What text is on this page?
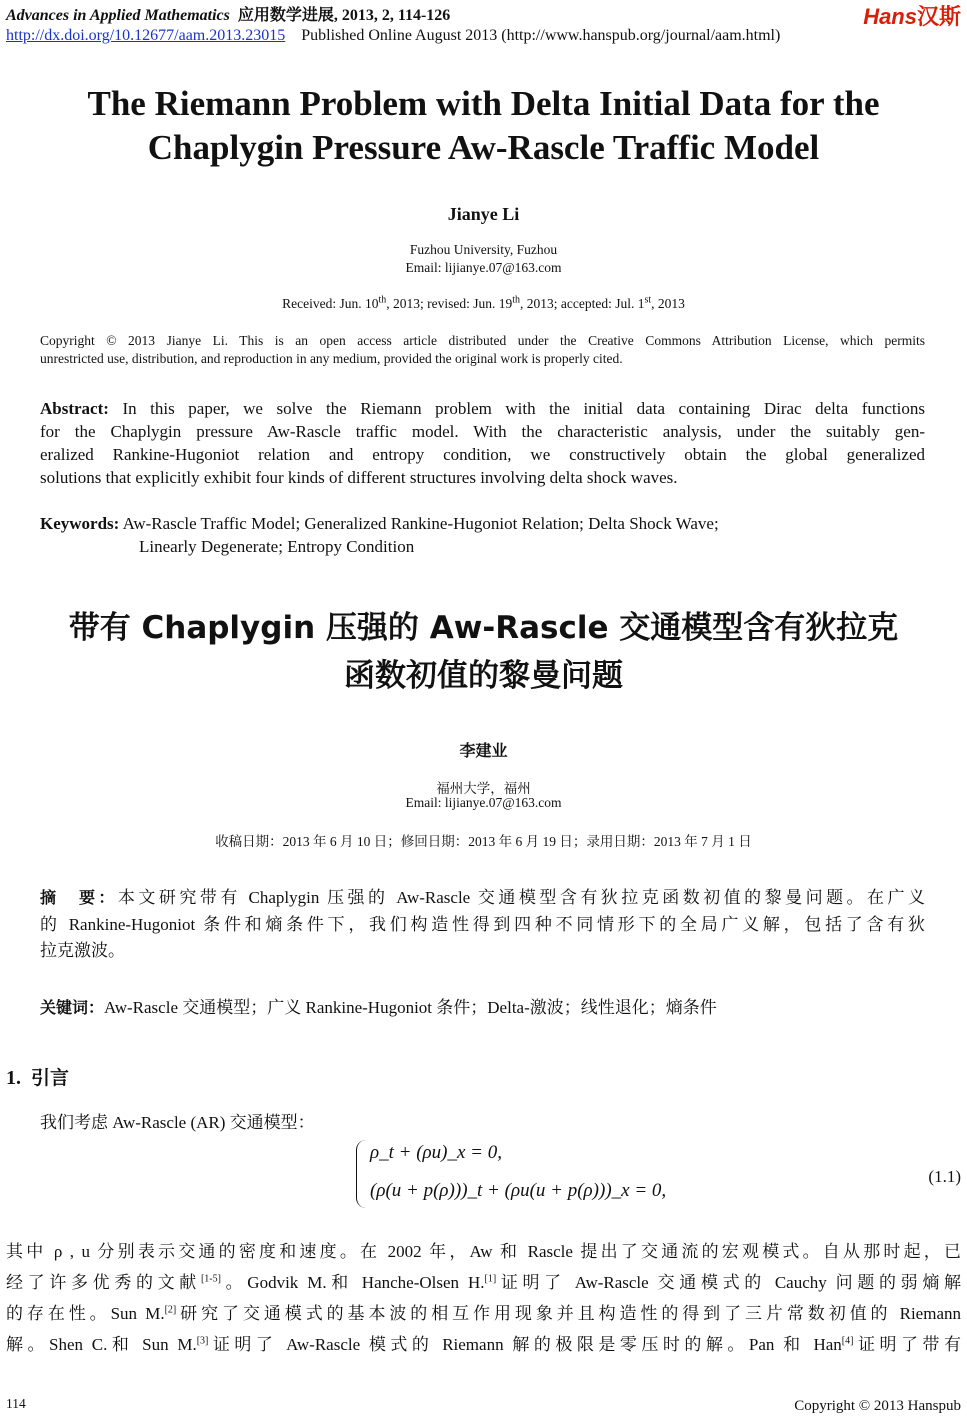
Advances in Applied Mathematics 应用数学进展, 2013, 2, 114-126
http://dx.doi.org/10.12677/aam.2013.23015 Published Online August 2013 (http://www.hanspub.org/journal/aam.html)
Hans汉斯
The Riemann Problem with Delta Initial Data for the
Chaplygin Pressure Aw-Rascle Traffic Model
Jianye Li
Fuzhou University, Fuzhou
Email: lijianye.07@163.com
Received: Jun. 10th, 2013; revised: Jun. 19th, 2013; accepted: Jul. 1st, 2013
Copyright © 2013 Jianye Li. This is an open access article distributed under the Creative Commons Attribution License, which permits
unrestricted use, distribution, and reproduction in any medium, provided the original work is properly cited.
Abstract: In this paper, we solve the Riemann problem with the initial data containing Dirac delta functions
for the Chaplygin pressure Aw-Rascle traffic model. With the characteristic analysis, under the suitably gen-
eralized Rankine-Hugoniot relation and entropy condition, we constructively obtain the global generalized
solutions that explicitly exhibit four kinds of different structures involving delta shock waves.
Keywords: Aw-Rascle Traffic Model; Generalized Rankine-Hugoniot Relation; Delta Shock Wave;
Linearly Degenerate; Entropy Condition
带有 Chaplygin 压强的 Aw-Rascle 交通模型含有狄拉克
函数初值的黎曼问题
李建业
福州大学，福州
Email: lijianye.07@163.com
收稿日期：2013 年 6 月 10 日；修回日期：2013 年 6 月 19 日；录用日期：2013 年 7 月 1 日
摘　要：本文研究带有 Chaplygin 压强的 Aw-Rascle 交通模型含有狄拉克函数初值的黎曼问题。在广义
的 Rankine-Hugoniot 条件和熵条件下，我们构造性得到四种不同情形下的全局广义解，包括了含有狄
拉克激波。
关键词：Aw-Rascle 交通模型；广义 Rankine-Hugoniot 条件；Delta-激波；线性退化；熵条件
1. 引言
我们考虑 Aw-Rascle (AR) 交通模型：
ρ_t + (ρu)_x = 0,
(ρ(u + p(ρ)))_t + (ρu(u + p(ρ)))_x = 0,
(1.1)
其中 ρ , u 分别表示交通的密度和速度。在 2002 年，Aw 和 Rascle 提出了交通流的宏观模式。自从那时起，已
经了许多优秀的文献[1-5]。Godvik M.和 Hanche-Olsen H.[1]证明了 Aw-Rascle 交通模式的 Cauchy 问题的弱熵解
的存在性。Sun M.[2]研究了交通模式的基本波的相互作用现象并且构造性的得到了三片常数初值的 Riemann
解。Shen C.和 Sun M.[3]证明了 Aw-Rascle 模式的 Riemann 解的极限是零压时的解。Pan 和 Han[4]证明了带有
114	Copyright © 2013 Hanspub
